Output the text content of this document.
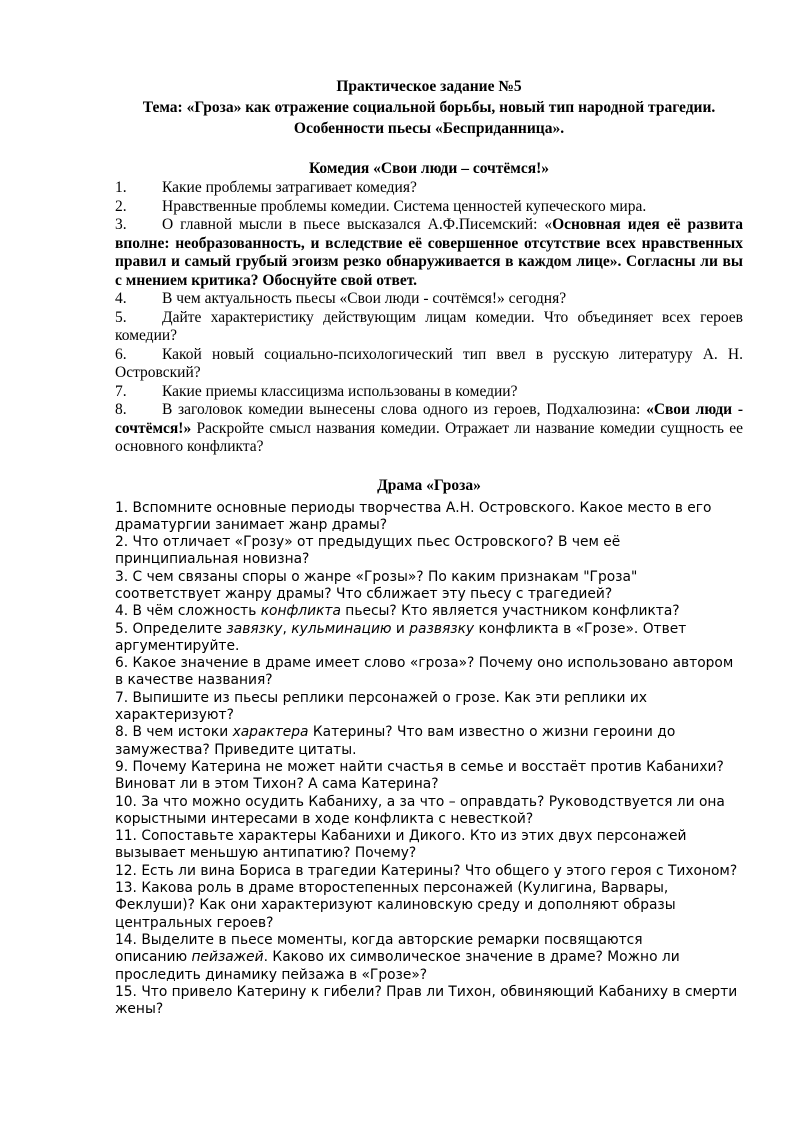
Практическое задание №5

Тема: «Гроза» как отражение социальной борьбы, новый тип народной трагедии.

Особенности пьесы «Бесприданница».

Комедия «Свои люди – сочтёмся!»

1. Какие проблемы затрагивает комедия?

2. Нравственные проблемы комедии. Система ценностей купеческого мира.

3. О главной мысли в пьесе высказался А.Ф.Писемский: «Основная идея её развита вполне: необразованность, и вследствие её совершенное отсутствие всех нравственных правил и самый грубый эгоизм резко обнаруживается в каждом лице». Согласны ли вы с мнением критика? Обоснуйте свой ответ.

4. В чем актуальность пьесы «Свои люди - сочтёмся!» сегодня?

5. Дайте характеристику действующим лицам комедии. Что объединяет всех героев комедии?

6. Какой новый социально-психологический тип ввел в русскую литературу А. Н. Островский?

7. Какие приемы классицизма использованы в комедии?

8. В заголовок комедии вынесены слова одного из героев, Подхалюзина: «Свои люди - сочтёмся!» Раскройте смысл названия комедии. Отражает ли название комедии сущность ее основного конфликта?

Драма «Гроза»

1. Вспомните основные периоды творчества А.Н. Островского. Какое место в его драматургии занимает жанр драмы?

2. Что отличает «Грозу» от предыдущих пьес Островского? В чем её принципиальная новизна?

3. С чем связаны споры о жанре «Грозы»? По каким признакам "Гроза" соответствует жанру драмы? Что сближает эту пьесу с трагедией?

4. В чём сложность конфликта пьесы? Кто является участником конфликта?

5. Определите завязку, кульминацию и развязку конфликта в «Грозе». Ответ аргументируйте.

6. Какое значение в драме имеет слово «гроза»? Почему оно использовано автором в качестве названия?

7. Выпишите из пьесы реплики персонажей о грозе. Как эти реплики их характеризуют?

8. В чем истоки характера Катерины? Что вам известно о жизни героини до замужества? Приведите цитаты.

9. Почему Катерина не может найти счастья в семье и восстаёт против Кабанихи? Виноват ли в этом Тихон? А сама Катерина?

10. За что можно осудить Кабаниху, а за что – оправдать? Руководствуется ли она корыстными интересами в ходе конфликта с невесткой?

11. Сопоставьте характеры Кабанихи и Дикого. Кто из этих двух персонажей вызывает меньшую антипатию? Почему?

12. Есть ли вина Бориса в трагедии Катерины? Что общего у этого героя с Тихоном?

13. Какова роль в драме второстепенных персонажей (Кулигина, Варвары, Феклуши)? Как они характеризуют калиновскую среду и дополняют образы центральных героев?

14. Выделите в пьесе моменты, когда авторские ремарки посвящаются
описанию пейзажей. Каково их символическое значение в драме? Можно ли проследить динамику пейзажа в «Грозе»?

15. Что привело Катерину к гибели? Прав ли Тихон, обвиняющий Кабаниху в смерти жены?
